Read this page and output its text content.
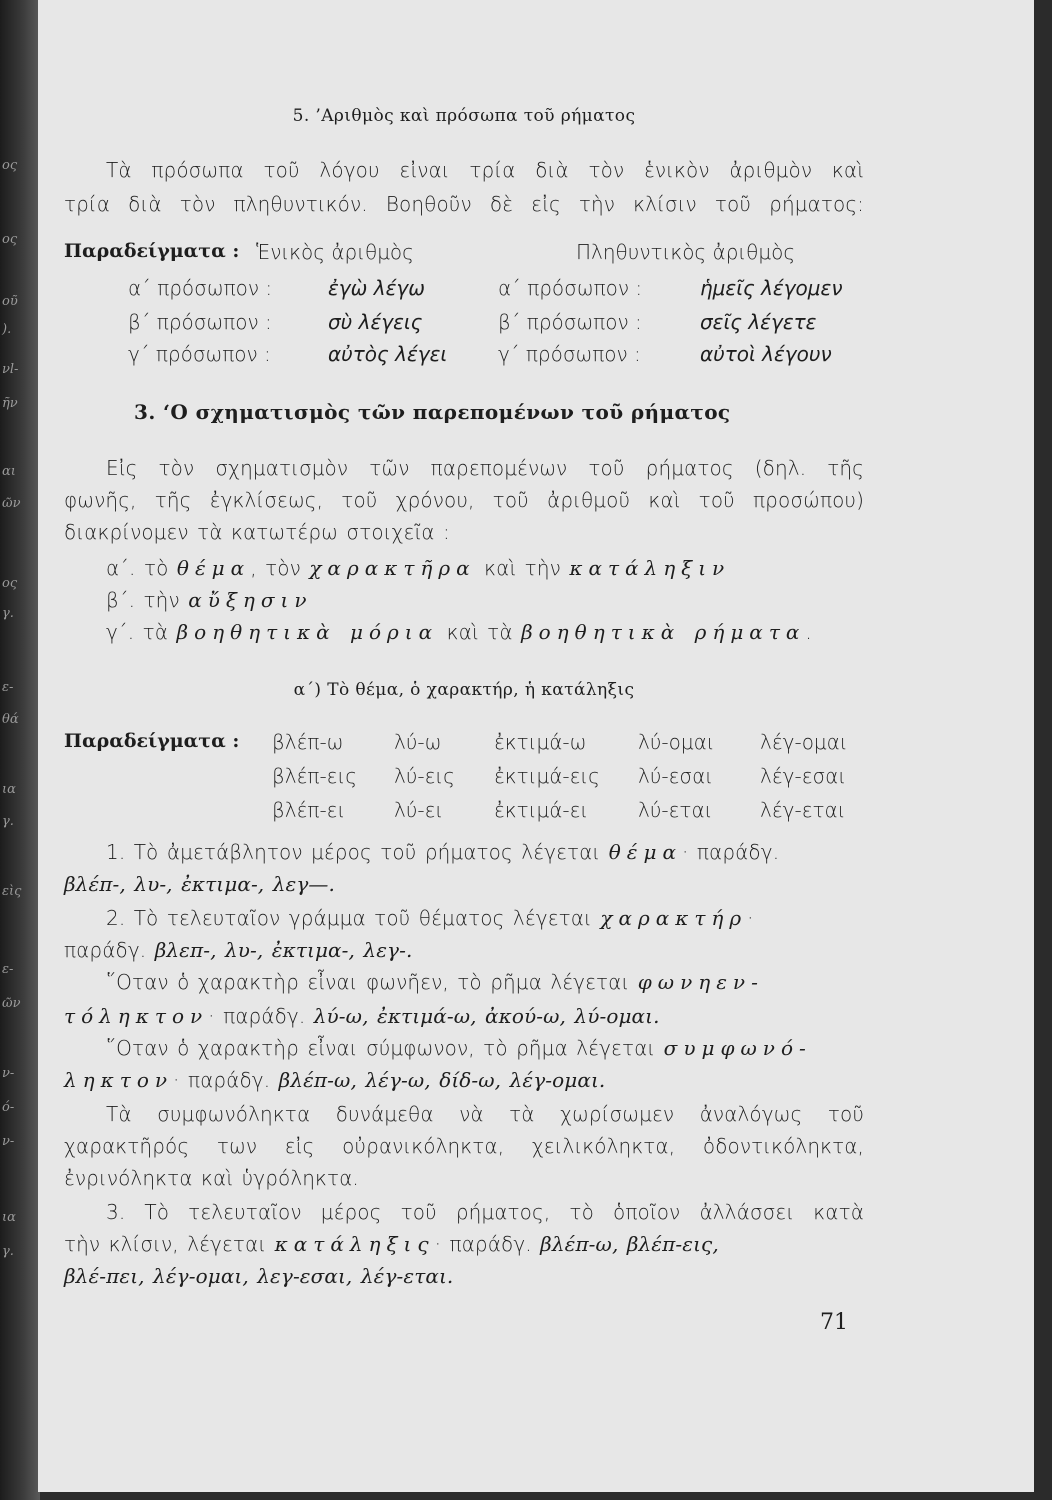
ος
ος
οῦ
).
νl-
ῆν
αι
ῶν
ος
γ.
ε-
θά
ια
γ.
εὶς
ε-
ῶν
ν-
ό-
ν-
ια
γ.
5. ’Αριθμὸς καὶ πρόσωπα τοῦ ρήματος
Τὰ πρόσωπα τοῦ λόγου εἰναι τρία διὰ τὸν ἑνικὸν ἀριθμὸν καὶ
τρία διὰ τὸν πληθυντικόν. Βοηθοῦν δὲ εἰς τὴν κλίσιν τοῦ ρήματος:
Παραδείγματα : Ἑνικὸς ἀριθμὸς	Πληθυντικὸς ἀριθμὸς
α΄ πρόσωπον :	ἐγὼ λέγω	α΄ πρόσωπον :	ἡμεῖς λέγομεν
β΄ πρόσωπον :	σὺ λέγεις	β΄ πρόσωπον :	σεῖς λέγετε
γ΄ πρόσωπον :	αὐτὸς λέγει	γ΄ πρόσωπον :	αὐτοὶ λέγουν
3. ‘Ο σχηματισμὸς τῶν παρεπομένων τοῦ ρήματος
Εἰς τὸν σχηματισμὸν τῶν παρεπομένων τοῦ ρήματος (δηλ. τῆς
φωνῆς, τῆς ἐγκλίσεως, τοῦ χρόνου, τοῦ ἀριθμοῦ καὶ τοῦ προσώπου)
διακρίνομεν τὰ κατωτέρω στοιχεῖα :
α΄. τὸ θέμα, τὸν χαρακτῆρα καὶ τὴν κατάληξιν
β΄. τὴν αὔξησιν
γ΄. τὰ βοηθητικὰ μόρια καὶ τὰ βοηθητικὰ ρήματα.
α΄) Τὸ θέμα, ὁ χαρακτήρ, ἡ κατάληξις
Παραδείγματα : βλέπ-ω	λύ-ω	ἐκτιμά-ω	λύ-ομαι λέγ-ομαι
βλέπ-εις λύ-εις ἐκτιμά-εις λύ-εσαι λέγ-εσαι
βλέπ-ει λύ-ει	ἐκτιμά-ει λύ-εται λέγ-εται
1. Τὸ ἀμετάβλητον μέρος τοῦ ρήματος λέγεται θέμα· παράδγ.
βλέπ-, λυ-, ἐκτιμα-, λεγ—.
2. Τὸ τελευταῖον γράμμα τοῦ θέματος λέγεται χαρακτήρ·
παράδγ. βλεπ-, λυ-, ἐκτιμα-, λεγ-.
῞Οταν ὁ χαρακτὴρ εἶναι φωνῆεν, τὸ ρῆμα λέγεται φωνηεν-
τόληκτον· παράδγ. λύ-ω, ἐκτιμά-ω, ἀκού-ω, λύ-ομαι.
῞Οταν ὁ χαρακτὴρ εἶναι σύμφωνον, τὸ ρῆμα λέγεται συμφωνό-
ληκτον· παράδγ. βλέπ-ω, λέγ-ω, δίδ-ω, λέγ-ομαι.
Τὰ συμφωνόληκτα δυνάμεθα νὰ τὰ χωρίσωμεν ἀναλόγως τοῦ
χαρακτῆρός των εἰς οὐρανικόληκτα, χειλικόληκτα, ὀδοντικόληκτα,
ἐνρινόληκτα καὶ ὑγρόληκτα.
3. Τὸ τελευταῖον μέρος τοῦ ρήματος, τὸ ὁποῖον ἀλλάσσει κατὰ
τὴν κλίσιν, λέγεται κατάληξις· παράδγ. βλέπ-ω, βλέπ-εις,
βλέ-πει, λέγ-ομαι, λεγ-εσαι, λέγ-εται.
71
